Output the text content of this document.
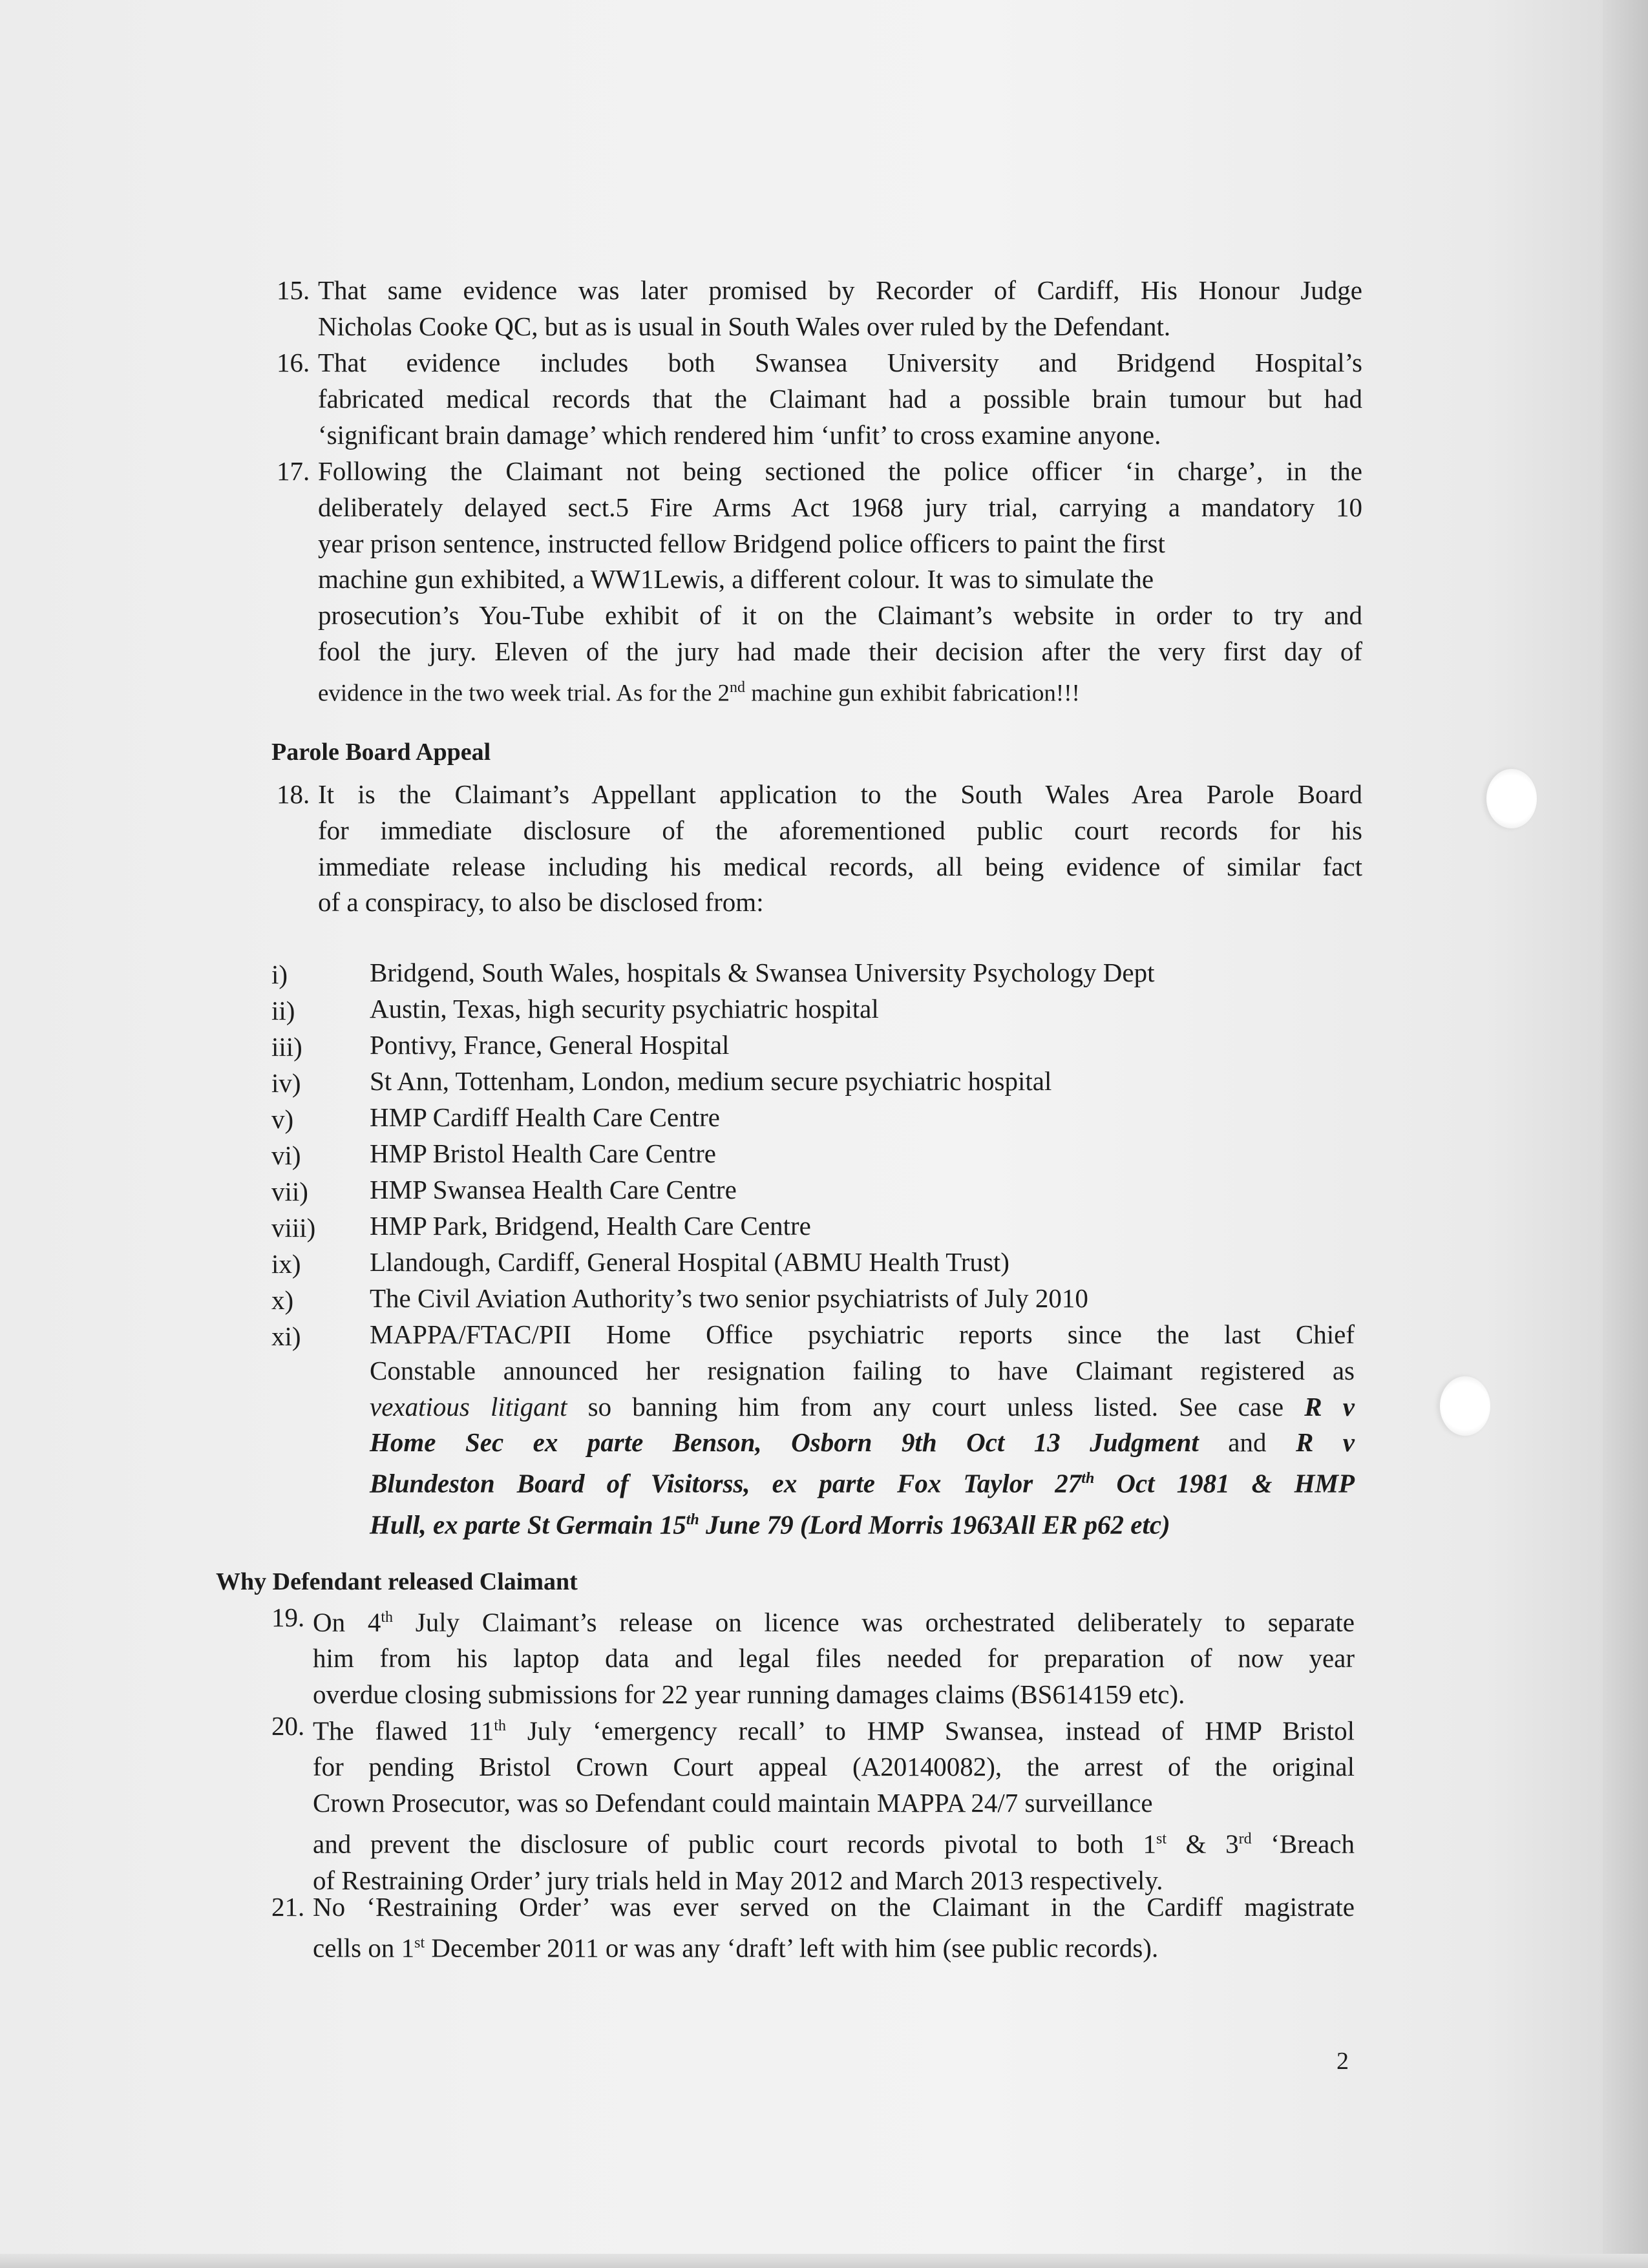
15. That same evidence was later promised by Recorder of Cardiff, His Honour Judge
Nicholas Cooke QC, but as is usual in South Wales over ruled by the Defendant.
16. That evidence includes both Swansea University and Bridgend Hospital’s
fabricated medical records that the Claimant had a possible brain tumour but had
‘significant brain damage’ which rendered him ‘unfit’ to cross examine anyone.
17. Following the Claimant not being sectioned the police officer ‘in charge’, in the
deliberately delayed sect.5 Fire Arms Act 1968 jury trial, carrying a mandatory 10
year prison sentence, instructed fellow Bridgend police officers to paint the first
machine gun exhibited, a WW1Lewis, a different colour. It was to simulate the
prosecution’s You-Tube exhibit of it on the Claimant’s website in order to try and
fool the jury. Eleven of the jury had made their decision after the very first day of
evidence in the two week trial. As for the 2nd machine gun exhibit fabrication!!!
Parole Board Appeal
18. It is the Claimant’s Appellant application to the South Wales Area Parole Board
for immediate disclosure of the aforementioned public court records for his
immediate release including his medical records, all being evidence of similar fact
of a conspiracy, to also be disclosed from:
i)	Bridgend, South Wales, hospitals & Swansea University Psychology Dept
ii)	Austin, Texas, high security psychiatric hospital
iii)	Pontivy, France, General Hospital
iv)	St Ann, Tottenham, London, medium secure psychiatric hospital
v)	HMP Cardiff Health Care Centre
vi)	HMP Bristol Health Care Centre
vii) HMP Swansea Health Care Centre
viii) HMP Park, Bridgend, Health Care Centre
ix)	Llandough, Cardiff, General Hospital (ABMU Health Trust)
x)	The Civil Aviation Authority’s two senior psychiatrists of July 2010
xi)	MAPPA/FTAC/PII Home Office psychiatric reports since the last Chief
Constable announced her resignation failing to have Claimant registered as
vexatious litigant so banning him from any court unless listed. See case R v
Home Sec ex parte Benson, Osborn 9th Oct 13 Judgment and R v
Blundeston Board of Visitorss, ex parte Fox Taylor 27th Oct 1981 & HMP
Hull, ex parte St Germain 15th June 79 (Lord Morris 1963All ER p62 etc)
Why Defendant released Claimant
19. On 4th July Claimant’s release on licence was orchestrated deliberately to separate
him from his laptop data and legal files needed for preparation of now year
overdue closing submissions for 22 year running damages claims (BS614159 etc).
20. The flawed 11th July ‘emergency recall’ to HMP Swansea, instead of HMP Bristol
for pending Bristol Crown Court appeal (A20140082), the arrest of the original
Crown Prosecutor, was so Defendant could maintain MAPPA 24/7 surveillance
and prevent the disclosure of public court records pivotal to both 1st & 3rd ‘Breach
of Restraining Order’ jury trials held in May 2012 and March 2013 respectively.
21. No ‘Restraining Order’ was ever served on the Claimant in the Cardiff magistrate
cells on 1st December 2011 or was any ‘draft’ left with him (see public records).
2
